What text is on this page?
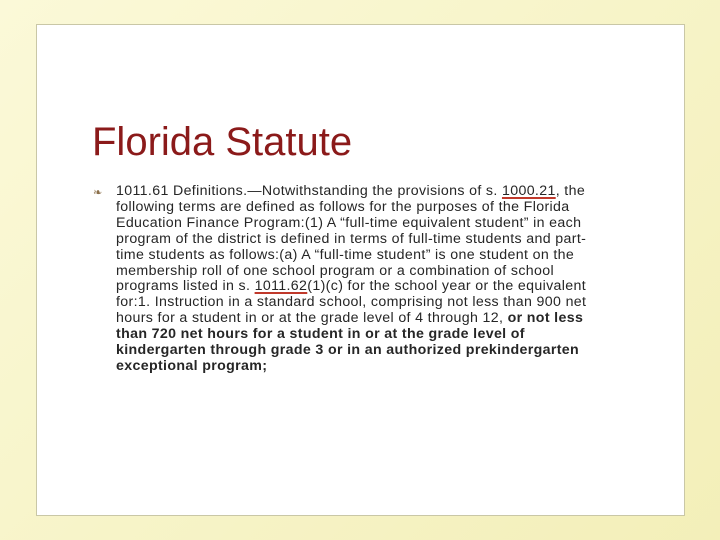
Florida Statute
❧ 1011.61 Definitions.—Notwithstanding the provisions of s. 1000.21, the following terms are defined as follows for the purposes of the Florida Education Finance Program:(1) A “full-time equivalent student” in each program of the district is defined in terms of full-time students and part-time students as follows:(a) A “full-time student” is one student on the membership roll of one school program or a combination of school programs listed in s. 1011.62(1)(c) for the school year or the equivalent for:1. Instruction in a standard school, comprising not less than 900 net hours for a student in or at the grade level of 4 through 12, or not less than 720 net hours for a student in or at the grade level of kindergarten through grade 3 or in an authorized prekindergarten exceptional program;
